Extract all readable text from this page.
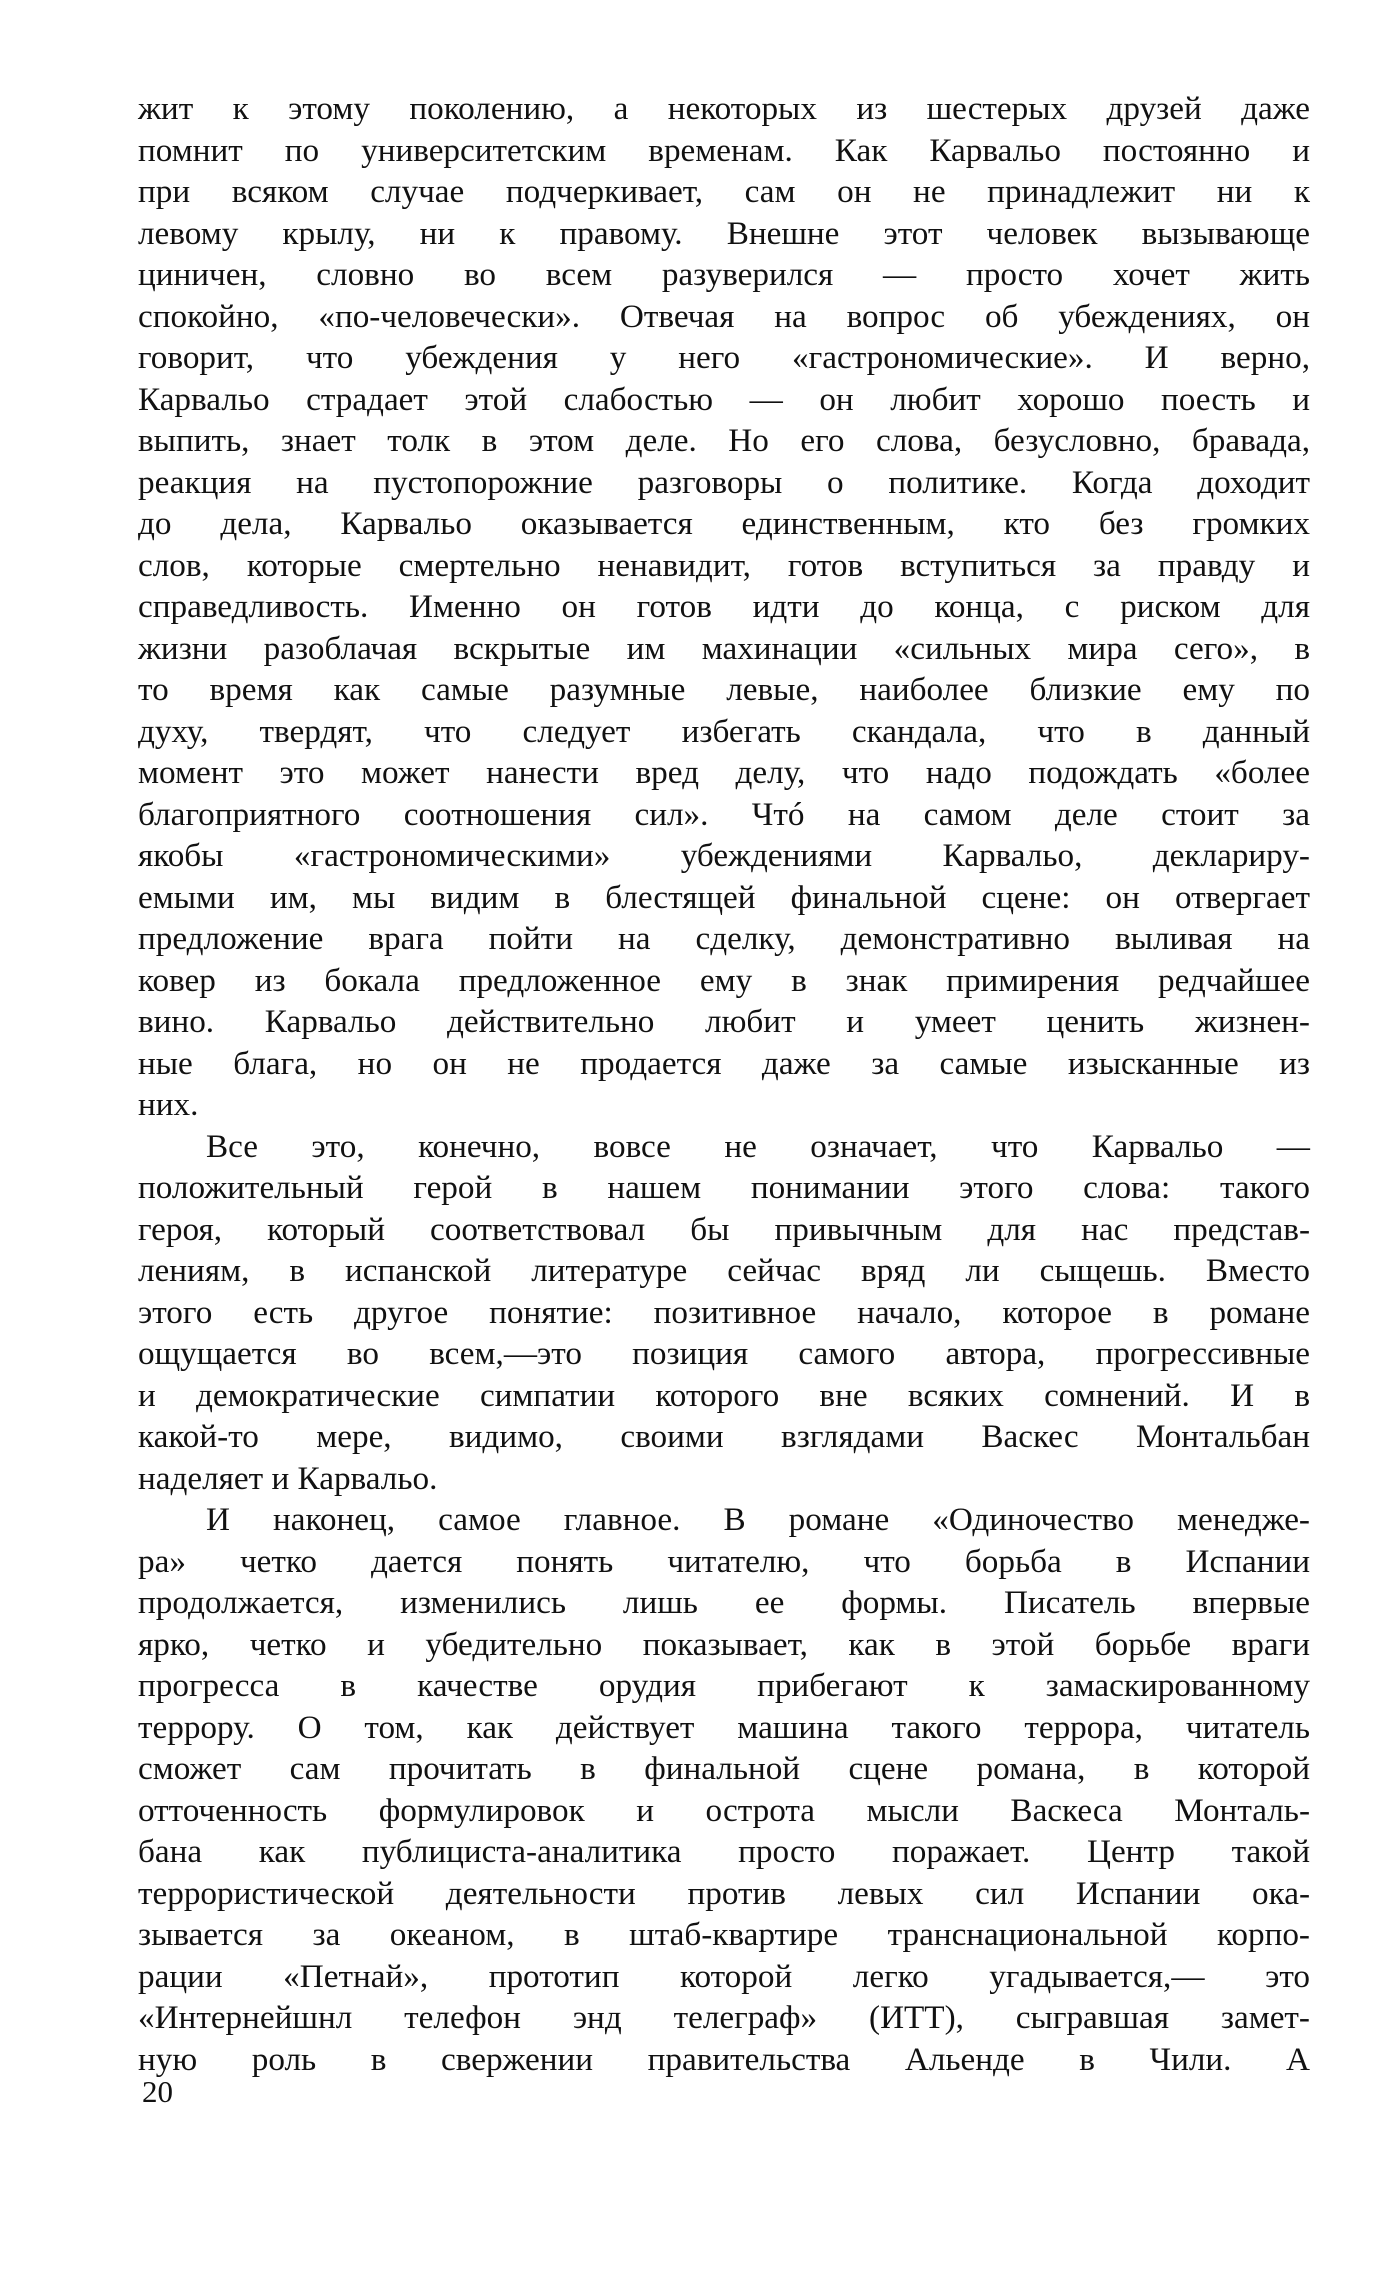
жит к этому поколению, а некоторых из шестерых друзей даже
помнит по университетским временам. Как Карвальо постоянно и
при всяком случае подчеркивает, сам он не принадлежит ни к
левому крылу, ни к правому. Внешне этот человек вызывающе
циничен, словно во всем разуверился — просто хочет жить
спокойно, «по-человечески». Отвечая на вопрос об убеждениях, он
говорит, что убеждения у него «гастрономические». И верно,
Карвальо страдает этой слабостью — он любит хорошо поесть и
выпить, знает толк в этом деле. Но его слова, безусловно, бравада,
реакция на пустопорожние разговоры о политике. Когда доходит
до дела, Карвальо оказывается единственным, кто без громких
слов, которые смертельно ненавидит, готов вступиться за правду и
справедливость. Именно он готов идти до конца, с риском для
жизни разоблачая вскрытые им махинации «сильных мира сего», в
то время как самые разумные левые, наиболее близкие ему по
духу, твердят, что следует избегать скандала, что в данный
момент это может нанести вред делу, что надо подождать «более
благоприятного соотношения сил». Чтó на самом деле стоит за
якобы «гастрономическими» убеждениями Карвальо, деклариру-
емыми им, мы видим в блестящей финальной сцене: он отвергает
предложение врага пойти на сделку, демонстративно выливая на
ковер из бокала предложенное ему в знак примирения редчайшее
вино. Карвальо действительно любит и умеет ценить жизнен-
ные блага, но он не продается даже за самые изысканные из
них.
Все это, конечно, вовсе не означает, что Карвальо —
положительный герой в нашем понимании этого слова: такого
героя, который соответствовал бы привычным для нас представ-
лениям, в испанской литературе сейчас вряд ли сыщешь. Вместо
этого есть другое понятие: позитивное начало, которое в романе
ощущается во всем,—это позиция самого автора, прогрессивные
и демократические симпатии которого вне всяких сомнений. И в
какой-то мере, видимо, своими взглядами Васкес Монтальбан
наделяет и Карвальо.
И наконец, самое главное. В романе «Одиночество менедже-
ра» четко дается понять читателю, что борьба в Испании
продолжается, изменились лишь ее формы. Писатель впервые
ярко, четко и убедительно показывает, как в этой борьбе враги
прогресса в качестве орудия прибегают к замаскированному
террору. О том, как действует машина такого террора, читатель
сможет сам прочитать в финальной сцене романа, в которой
отточенность формулировок и острота мысли Васкеса Монталь-
бана как публициста-аналитика просто поражает. Центр такой
террористической деятельности против левых сил Испании ока-
зывается за океаном, в штаб-квартире транснациональной корпо-
рации «Петнай», прототип которой легко угадывается,— это
«Интернейшнл телефон энд телеграф» (ИТТ), сыгравшая замет-
ную роль в свержении правительства Альенде в Чили. А
20
